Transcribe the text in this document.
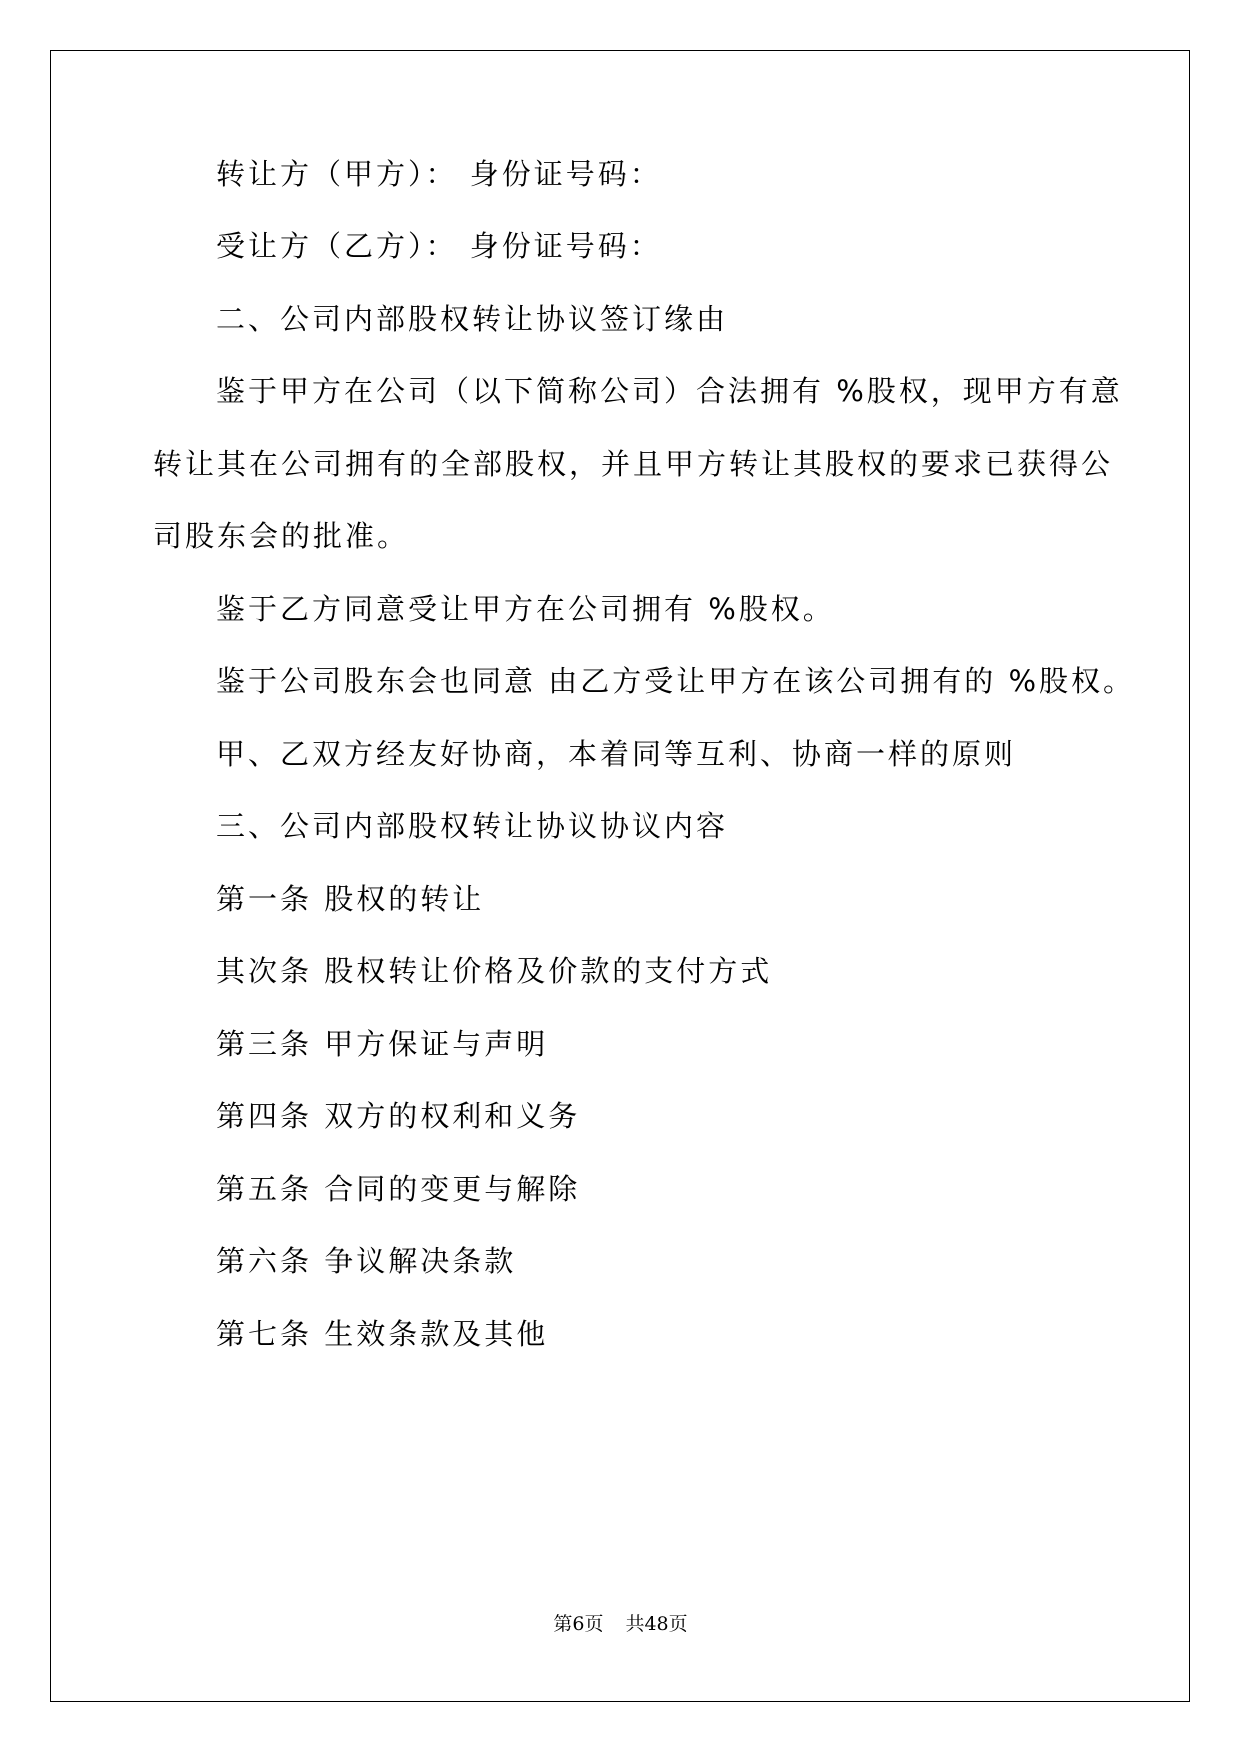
转让方（甲方）： 身份证号码：

受让方（乙方）： 身份证号码：

二、公司内部股权转让协议签订缘由

鉴于甲方在公司（以下简称公司）合法拥有 %股权，现甲方有意

转让其在公司拥有的全部股权，并且甲方转让其股权的要求已获得公

司股东会的批准。

鉴于乙方同意受让甲方在公司拥有 %股权。

鉴于公司股东会也同意 由乙方受让甲方在该公司拥有的 %股权。

甲、乙双方经友好协商，本着同等互利、协商一样的原则

三、公司内部股权转让协议协议内容

第一条 股权的转让

其次条 股权转让价格及价款的支付方式

第三条 甲方保证与声明

第四条 双方的权利和义务

第五条 合同的变更与解除

第六条 争议解决条款

第七条 生效条款及其他

第6页 共48页
